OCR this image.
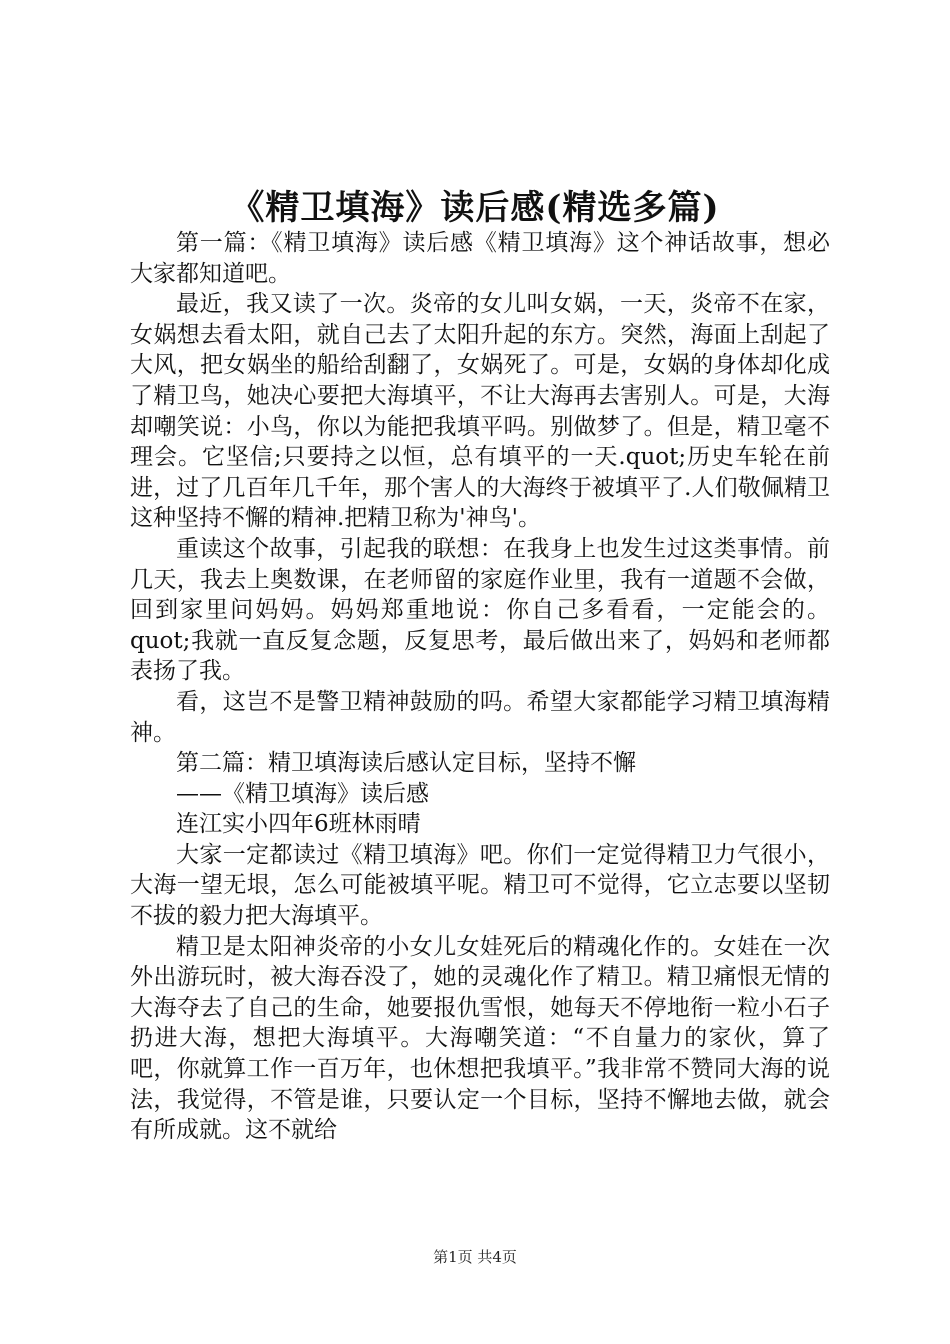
《精卫填海》读后感(精选多篇)

第一篇：《精卫填海》读后感《精卫填海》这个神话故事，想必大家都知道吧。

最近，我又读了一次。炎帝的女儿叫女娲，一天，炎帝不在家，女娲想去看太阳，就自己去了太阳升起的东方。突然，海面上刮起了大风，把女娲坐的船给刮翻了，女娲死了。可是，女娲的身体却化成了精卫鸟，她决心要把大海填平，不让大海再去害别人。可是，大海却嘲笑说：小鸟，你以为能把我填平吗。别做梦了。但是，精卫毫不理会。它坚信;只要持之以恒，总有填平的一天.quot;历史车轮在前进，过了几百年几千年，那个害人的大海终于被填平了.人们敬佩精卫这种坚持不懈的精神.把精卫称为'神鸟'。

重读这个故事，引起我的联想：在我身上也发生过这类事情。前几天，我去上奥数课，在老师留的家庭作业里，我有一道题不会做，回到家里问妈妈。妈妈郑重地说：你自己多看看，一定能会的。quot;我就一直反复念题，反复思考，最后做出来了，妈妈和老师都表扬了我。

看，这岂不是警卫精神鼓励的吗。希望大家都能学习精卫填海精神。

第二篇：精卫填海读后感认定目标，坚持不懈

——《精卫填海》读后感

连江实小四年6班林雨晴

大家一定都读过《精卫填海》吧。你们一定觉得精卫力气很小，大海一望无垠，怎么可能被填平呢。精卫可不觉得，它立志要以坚韧不拔的毅力把大海填平。

精卫是太阳神炎帝的小女儿女娃死后的精魂化作的。女娃在一次外出游玩时，被大海吞没了，她的灵魂化作了精卫。精卫痛恨无情的大海夺去了自己的生命，她要报仇雪恨，她每天不停地衔一粒小石子扔进大海，想把大海填平。大海嘲笑道：“不自量力的家伙，算了吧，你就算工作一百万年，也休想把我填平。”我非常不赞同大海的说法，我觉得，不管是谁，只要认定一个目标，坚持不懈地去做，就会有所成就。这不就给

第1页 共4页
